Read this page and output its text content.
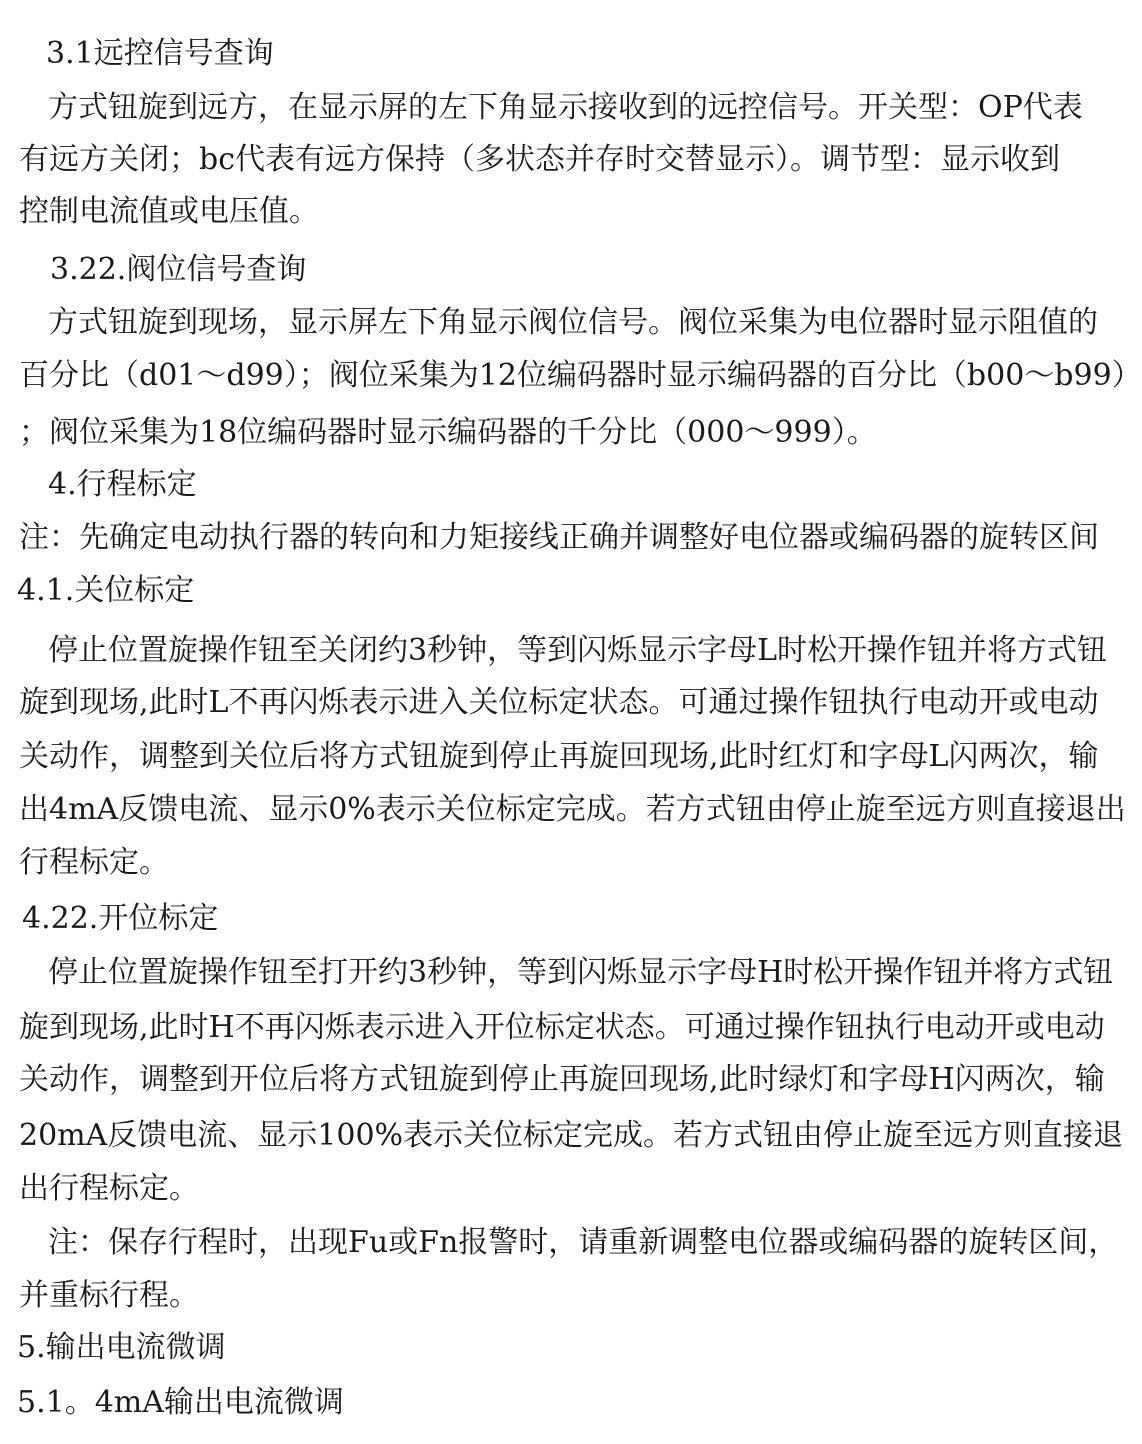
3.1远控信号查询
方式钮旋到远方，在显示屏的左下角显示接收到的远控信号。开关型：OP代表
有远方关闭；bc代表有远方保持（多状态并存时交替显示）。调节型：显示收到
控制电流值或电压值。
3.22.阀位信号查询
方式钮旋到现场，显示屏左下角显示阀位信号。阀位采集为电位器时显示阻值的
百分比（d01～d99）；阀位采集为12位编码器时显示编码器的百分比（b00～b99）
；阀位采集为18位编码器时显示编码器的千分比（000～999）。
4.行程标定
注：先确定电动执行器的转向和力矩接线正确并调整好电位器或编码器的旋转区间
4.1.关位标定
停止位置旋操作钮至关闭约3秒钟，等到闪烁显示字母L时松开操作钮并将方式钮
旋到现场,此时L不再闪烁表示进入关位标定状态。可通过操作钮执行电动开或电动
关动作，调整到关位后将方式钮旋到停止再旋回现场,此时红灯和字母L闪两次，输
出4mA反馈电流、显示0%表示关位标定完成。若方式钮由停止旋至远方则直接退出
行程标定。
4.22.开位标定
停止位置旋操作钮至打开约3秒钟，等到闪烁显示字母H时松开操作钮并将方式钮
旋到现场,此时H不再闪烁表示进入开位标定状态。可通过操作钮执行电动开或电动
关动作，调整到开位后将方式钮旋到停止再旋回现场,此时绿灯和字母H闪两次，输
20mA反馈电流、显示100%表示关位标定完成。若方式钮由停止旋至远方则直接退
出行程标定。
注：保存行程时，出现Fu或Fn报警时，请重新调整电位器或编码器的旋转区间，
并重标行程。
5.输出电流微调
5.1。4mA输出电流微调
